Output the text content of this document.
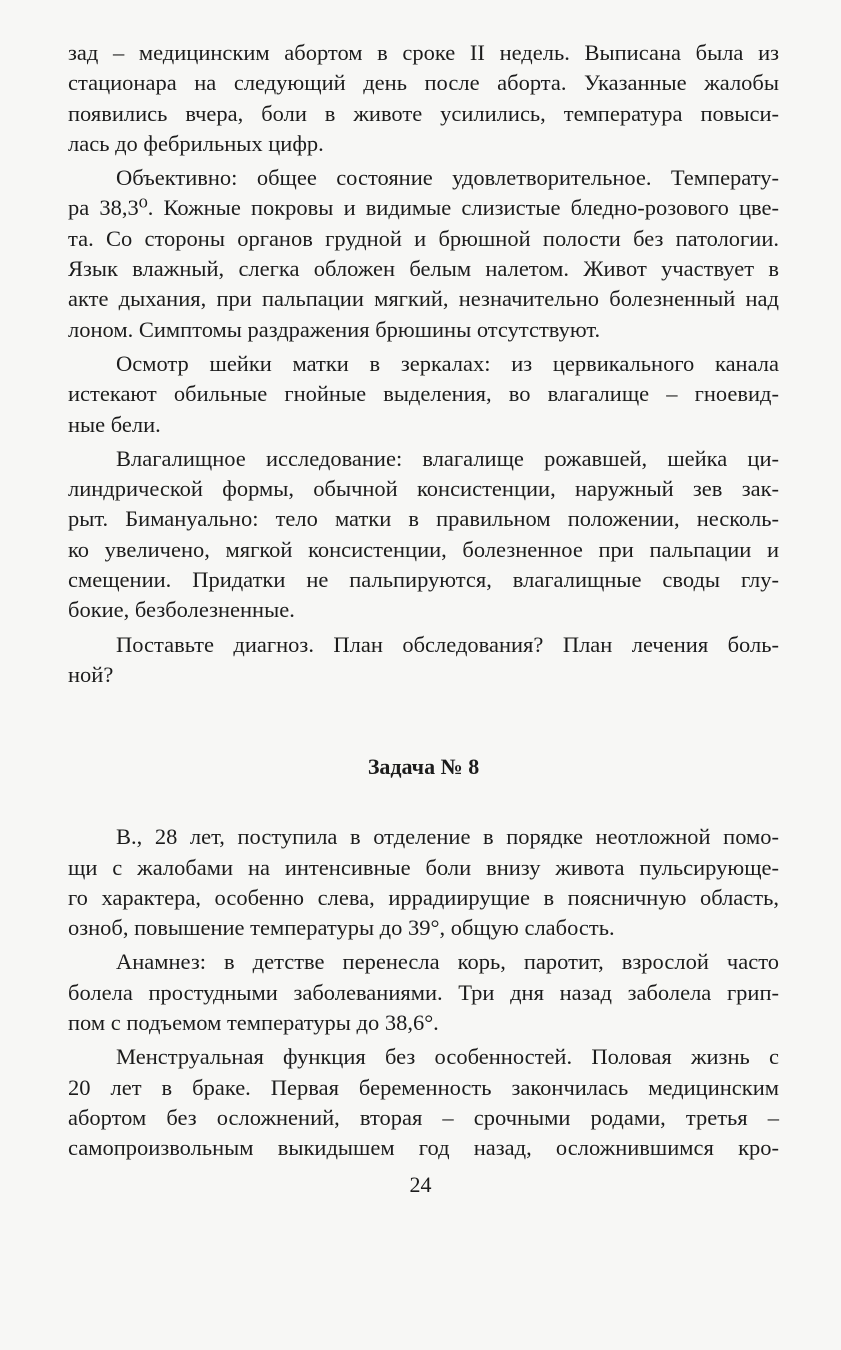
зад – медицинским абортом в сроке II недель. Выписана была из
стационара на следующий день после аборта. Указанные жалобы
появились вчера, боли в животе усилились, температура повыси-
лась до фебрильных цифр.
Объективно: общее состояние удовлетворительное. Температу-
ра 38,3⁰. Кожные покровы и видимые слизистые бледно-розового цве-
та. Со стороны органов грудной и брюшной полости без патологии.
Язык влажный, слегка обложен белым налетом. Живот участвует в
акте дыхания, при пальпации мягкий, незначительно болезненный над
лоном. Симптомы раздражения брюшины отсутствуют.
Осмотр шейки матки в зеркалах: из цервикального канала
истекают обильные гнойные выделения, во влагалище – гноевид-
ные бели.
Влагалищное исследование: влагалище рожавшей, шейка ци-
линдрической формы, обычной консистенции, наружный зев зак-
рыт. Бимануально: тело матки в правильном положении, несколь-
ко увеличено, мягкой консистенции, болезненное при пальпации и
смещении. Придатки не пальпируются, влагалищные своды глу-
бокие, безболезненные.
Поставьте диагноз. План обследования? План лечения боль-
ной?
Задача № 8
В., 28 лет, поступила в отделение в порядке неотложной помо-
щи с жалобами на интенсивные боли внизу живота пульсирующе-
го характера, особенно слева, иррадиирущие в поясничную область,
озноб, повышение температуры до 39°, общую слабость.
Анамнез: в детстве перенесла корь, паротит, взрослой часто
болела простудными заболеваниями. Три дня назад заболела грип-
пом с подъемом температуры до 38,6°.
Менструальная функция без особенностей. Половая жизнь с
20 лет в браке. Первая беременность закончилась медицинским
абортом без осложнений, вторая – срочными родами, третья –
самопроизвольным выкидышем год назад, осложнившимся кро-
24
